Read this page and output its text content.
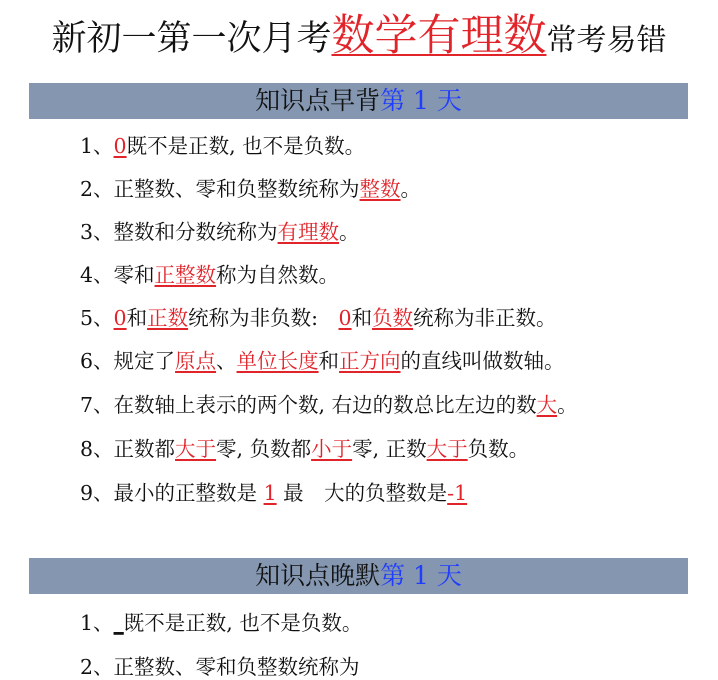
新初一第一次月考数学有理数常考易错
知识点早背第 1 天
1、0既不是正数, 也不是负数。
2、正整数、零和负整数统称为整数。
3、整数和分数统称为有理数。
4、零和正整数称为自然数。
5、0和正数统称为非负数:　0和负数统称为非正数。
6、规定了原点、单位长度和正方向的直线叫做数轴。
7、在数轴上表示的两个数, 右边的数总比左边的数大。
8、正数都大于零, 负数都小于零, 正数大于负数。
9、最小的正整数是 1 最　大的负整数是-1
知识点晚默第 1 天
1、_既不是正数, 也不是负数。
2、正整数、零和负整数统称为
